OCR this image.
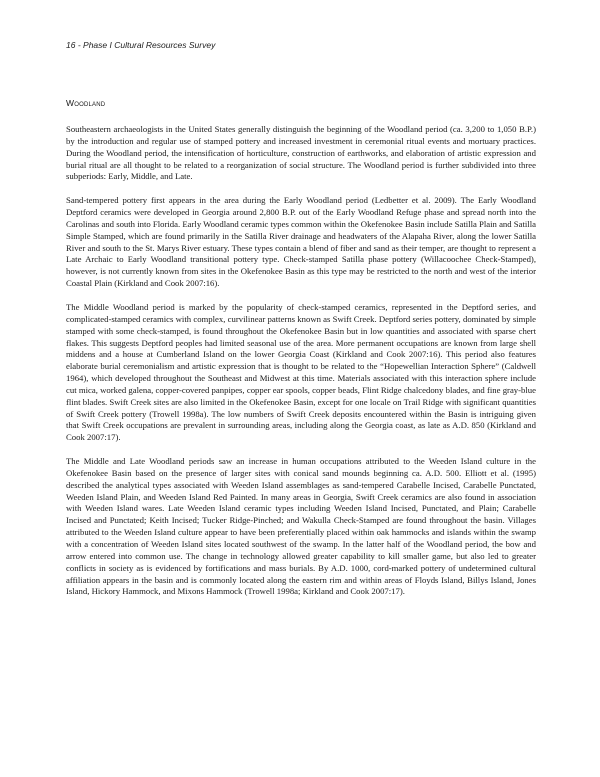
16 - Phase I Cultural Resources Survey
Woodland

Southeastern archaeologists in the United States generally distinguish the beginning of the Woodland period (ca. 3,200 to 1,050 B.P.) by the introduction and regular use of stamped pottery and increased investment in ceremonial ritual events and mortuary practices. During the Woodland period, the intensification of horticulture, construction of earthworks, and elaboration of artistic expression and burial ritual are all thought to be related to a reorganization of social structure. The Woodland period is further subdivided into three subperiods: Early, Middle, and Late.

Sand-tempered pottery first appears in the area during the Early Woodland period (Ledbetter et al. 2009). The Early Woodland Deptford ceramics were developed in Georgia around 2,800 B.P. out of the Early Woodland Refuge phase and spread north into the Carolinas and south into Florida. Early Woodland ceramic types common within the Okefenokee Basin include Satilla Plain and Satilla Simple Stamped, which are found primarily in the Satilla River drainage and headwaters of the Alapaha River, along the lower Satilla River and south to the St. Marys River estuary. These types contain a blend of fiber and sand as their temper, are thought to represent a Late Archaic to Early Woodland transitional pottery type. Check-stamped Satilla phase pottery (Willacoochee Check-Stamped), however, is not currently known from sites in the Okefenokee Basin as this type may be restricted to the north and west of the interior Coastal Plain (Kirkland and Cook 2007:16).

The Middle Woodland period is marked by the popularity of check-stamped ceramics, represented in the Deptford series, and complicated-stamped ceramics with complex, curvilinear patterns known as Swift Creek. Deptford series pottery, dominated by simple stamped with some check-stamped, is found throughout the Okefenokee Basin but in low quantities and associated with sparse chert flakes. This suggests Deptford peoples had limited seasonal use of the area. More permanent occupations are known from large shell middens and a house at Cumberland Island on the lower Georgia Coast (Kirkland and Cook 2007:16). This period also features elaborate burial ceremonialism and artistic expression that is thought to be related to the “Hopewellian Interaction Sphere” (Caldwell 1964), which developed throughout the Southeast and Midwest at this time. Materials associated with this interaction sphere include cut mica, worked galena, copper-covered panpipes, copper ear spools, copper beads, Flint Ridge chalcedony blades, and fine gray-blue flint blades. Swift Creek sites are also limited in the Okefenokee Basin, except for one locale on Trail Ridge with significant quantities of Swift Creek pottery (Trowell 1998a). The low numbers of Swift Creek deposits encountered within the Basin is intriguing given that Swift Creek occupations are prevalent in surrounding areas, including along the Georgia coast, as late as A.D. 850 (Kirkland and Cook 2007:17).

The Middle and Late Woodland periods saw an increase in human occupations attributed to the Weeden Island culture in the Okefenokee Basin based on the presence of larger sites with conical sand mounds beginning ca. A.D. 500. Elliott et al. (1995) described the analytical types associated with Weeden Island assemblages as sand-tempered Carabelle Incised, Carabelle Punctated, Weeden Island Plain, and Weeden Island Red Painted. In many areas in Georgia, Swift Creek ceramics are also found in association with Weeden Island wares. Late Weeden Island ceramic types including Weeden Island Incised, Punctated, and Plain; Carabelle Incised and Punctated; Keith Incised; Tucker Ridge-Pinched; and Wakulla Check-Stamped are found throughout the basin. Villages attributed to the Weeden Island culture appear to have been preferentially placed within oak hammocks and islands within the swamp with a concentration of Weeden Island sites located southwest of the swamp. In the latter half of the Woodland period, the bow and arrow entered into common use. The change in technology allowed greater capability to kill smaller game, but also led to greater conflicts in society as is evidenced by fortifications and mass burials. By A.D. 1000, cord-marked pottery of undetermined cultural affiliation appears in the basin and is commonly located along the eastern rim and within areas of Floyds Island, Billys Island, Jones Island, Hickory Hammock, and Mixons Hammock (Trowell 1998a; Kirkland and Cook 2007:17).
